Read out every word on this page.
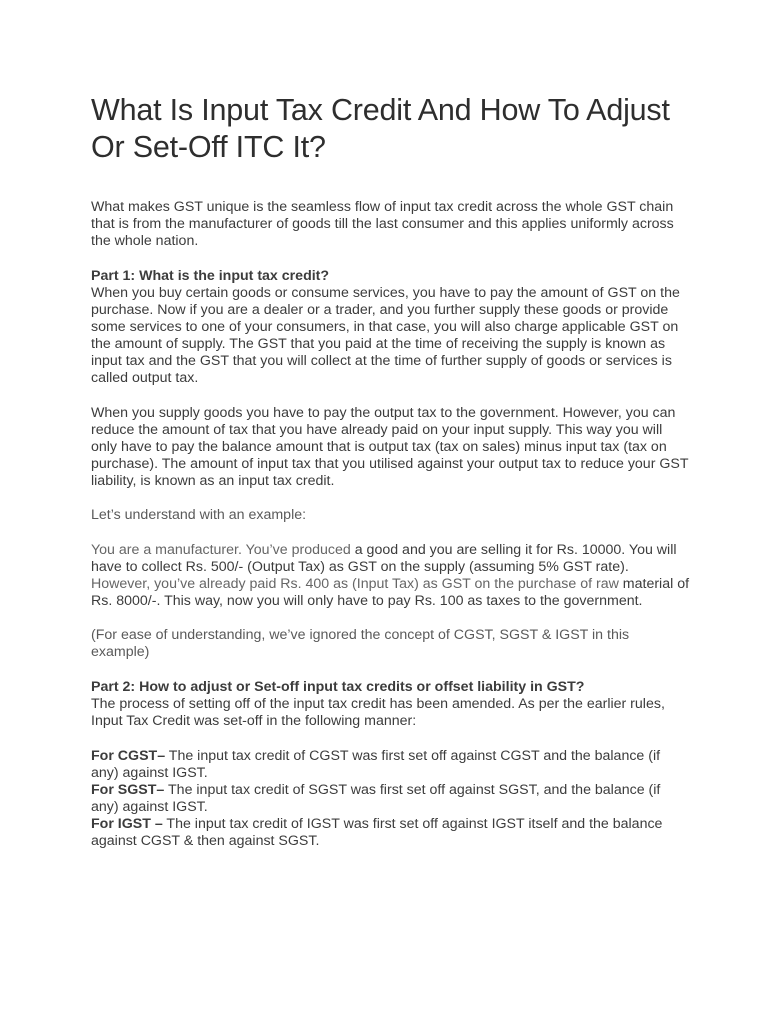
What Is Input Tax Credit And How To Adjust Or Set-Off ITC It?

What makes GST unique is the seamless flow of input tax credit across the whole GST chain that is from the manufacturer of goods till the last consumer and this applies uniformly across the whole nation.

Part 1: What is the input tax credit?

When you buy certain goods or consume services, you have to pay the amount of GST on the purchase. Now if you are a dealer or a trader, and you further supply these goods or provide some services to one of your consumers, in that case, you will also charge applicable GST on the amount of supply. The GST that you paid at the time of receiving the supply is known as input tax and the GST that you will collect at the time of further supply of goods or services is called output tax.

When you supply goods you have to pay the output tax to the government. However, you can reduce the amount of tax that you have already paid on your input supply. This way you will only have to pay the balance amount that is output tax (tax on sales) minus input tax (tax on purchase). The amount of input tax that you utilised against your output tax to reduce your GST liability, is known as an input tax credit.

Let’s understand with an example:

You are a manufacturer. You’ve produced a good and you are selling it for Rs. 10000. You will have to collect Rs. 500/- (Output Tax) as GST on the supply (assuming 5% GST rate). However, you’ve already paid Rs. 400 as (Input Tax) as GST on the purchase of raw material of Rs. 8000/-. This way, now you will only have to pay Rs. 100 as taxes to the government.

(For ease of understanding, we’ve ignored the concept of CGST, SGST & IGST in this example)

Part 2: How to adjust or Set-off input tax credits or offset liability in GST?

The process of setting off of the input tax credit has been amended. As per the earlier rules, Input Tax Credit was set-off in the following manner:

For CGST– The input tax credit of CGST was first set off against CGST and the balance (if any) against IGST.

For SGST– The input tax credit of SGST was first set off against SGST, and the balance (if any) against IGST.

For IGST – The input tax credit of IGST was first set off against IGST itself and the balance against CGST & then against SGST.
